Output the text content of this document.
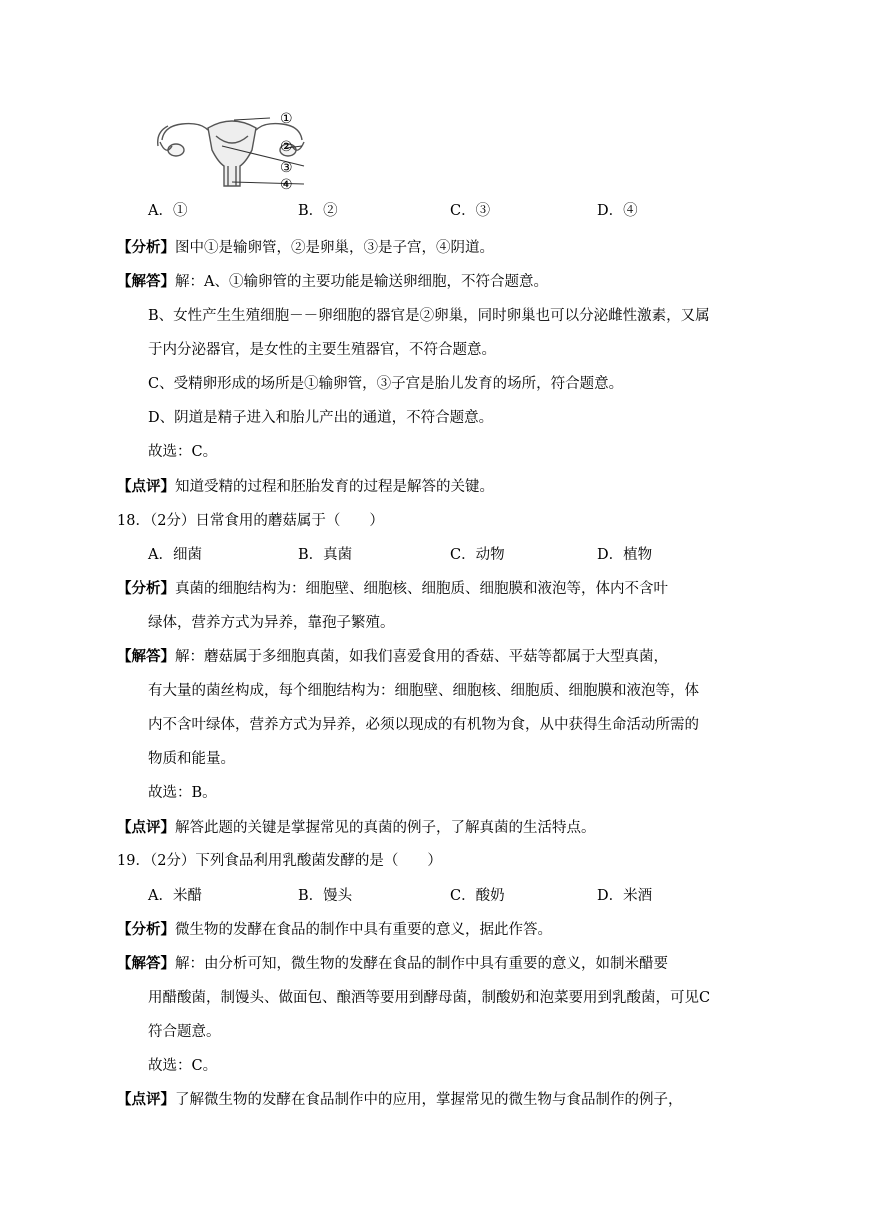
①
②
③
④
A．①	B．②	C．③	D．④
【分析】图中①是输卵管，②是卵巢，③是子宫，④阴道。
【解答】解：A、①输卵管的主要功能是输送卵细胞，不符合题意。
B、女性产生生殖细胞－－卵细胞的器官是②卵巢，同时卵巢也可以分泌雌性激素，又属
于内分泌器官，是女性的主要生殖器官，不符合题意。
C、受精卵形成的场所是①输卵管，③子宫是胎儿发育的场所，符合题意。
D、阴道是精子进入和胎儿产出的通道，不符合题意。
故选：C。
【点评】知道受精的过程和胚胎发育的过程是解答的关键。
18．（2分）日常食用的蘑菇属于（　　）
A．细菌	B．真菌	C．动物	D．植物
【分析】真菌的细胞结构为：细胞壁、细胞核、细胞质、细胞膜和液泡等，体内不含叶
绿体，营养方式为异养，靠孢子繁殖。
【解答】解：蘑菇属于多细胞真菌，如我们喜爱食用的香菇、平菇等都属于大型真菌，
有大量的菌丝构成，每个细胞结构为：细胞壁、细胞核、细胞质、细胞膜和液泡等，体
内不含叶绿体，营养方式为异养，必须以现成的有机物为食，从中获得生命活动所需的
物质和能量。
故选：B。
【点评】解答此题的关键是掌握常见的真菌的例子，了解真菌的生活特点。
19．（2分）下列食品利用乳酸菌发酵的是（　　）
A．米醋	B．馒头	C．酸奶	D．米酒
【分析】微生物的发酵在食品的制作中具有重要的意义，据此作答。
【解答】解：由分析可知，微生物的发酵在食品的制作中具有重要的意义，如制米醋要
用醋酸菌，制馒头、做面包、酿酒等要用到酵母菌，制酸奶和泡菜要用到乳酸菌，可见C
符合题意。
故选：C。
【点评】了解微生物的发酵在食品制作中的应用，掌握常见的微生物与食品制作的例子，
